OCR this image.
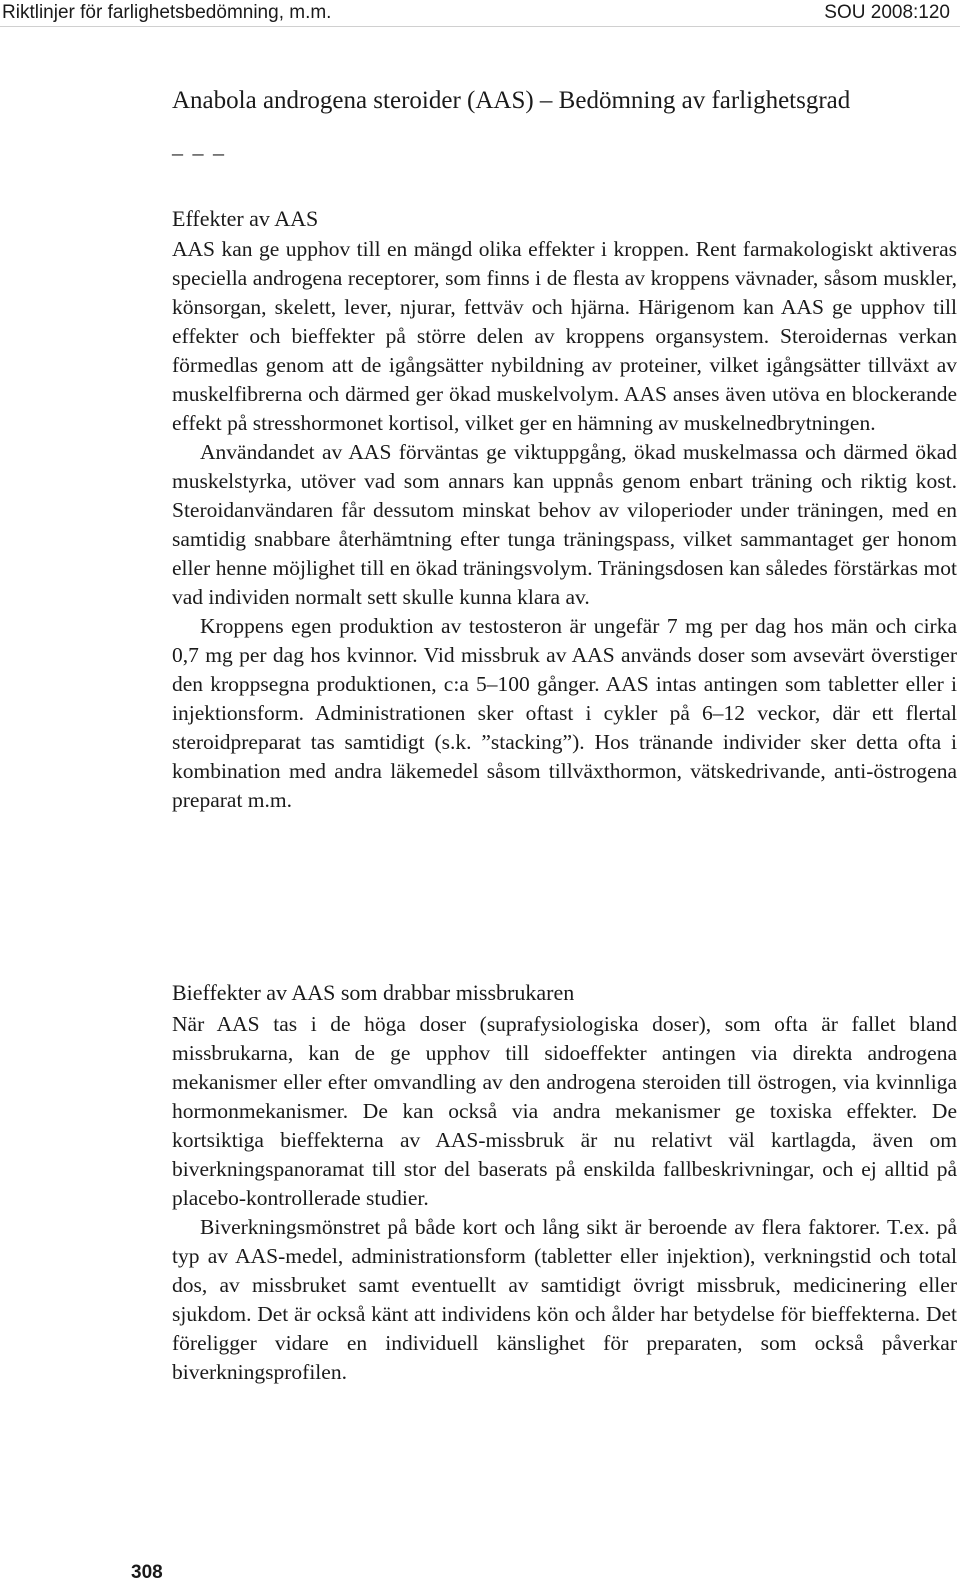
Riktlinjer för farlighetsbedömning, m.m.	SOU 2008:120
Anabola androgena steroider (AAS) – Bedömning av farlighetsgrad
– – –
Effekter av AAS

AAS kan ge upphov till en mängd olika effekter i kroppen. Rent farmakologiskt aktiveras speciella androgena receptorer, som finns i de flesta av kroppens vävnader, såsom muskler, könsorgan, skelett, lever, njurar, fettväv och hjärna. Härigenom kan AAS ge upphov till effekter och bieffekter på större delen av kroppens organsystem. Steroidernas verkan förmedlas genom att de igångsätter nybildning av proteiner, vilket igångsätter tillväxt av muskelfibrerna och därmed ger ökad muskelvolym. AAS anses även utöva en blockerande effekt på stresshormonet kortisol, vilket ger en hämning av muskelnedbrytningen.

Användandet av AAS förväntas ge viktuppgång, ökad muskelmassa och därmed ökad muskelstyrka, utöver vad som annars kan uppnås genom enbart träning och riktig kost. Steroidanvändaren får dessutom minskat behov av viloperioder under träningen, med en samtidig snabbare återhämtning efter tunga träningspass, vilket sammantaget ger honom eller henne möjlighet till en ökad träningsvolym. Träningsdosen kan således förstärkas mot vad individen normalt sett skulle kunna klara av.

Kroppens egen produktion av testosteron är ungefär 7 mg per dag hos män och cirka 0,7 mg per dag hos kvinnor. Vid missbruk av AAS används doser som avsevärt överstiger den kroppsegna produktionen, c:a 5–100 gånger. AAS intas antingen som tabletter eller i injektionsform. Administrationen sker oftast i cykler på 6–12 veckor, där ett flertal steroidpreparat tas samtidigt (s.k. ”stacking”). Hos tränande individer sker detta ofta i kombination med andra läkemedel såsom tillväxthormon, vätskedrivande, anti-östrogena preparat m.m.

Bieffekter av AAS som drabbar missbrukaren

När AAS tas i de höga doser (suprafysiologiska doser), som ofta är fallet bland missbrukarna, kan de ge upphov till sidoeffekter antingen via direkta androgena mekanismer eller efter omvandling av den androgena steroiden till östrogen, via kvinnliga hormonmekanismer. De kan också via andra mekanismer ge toxiska effekter. De kortsiktiga bieffekterna av AAS-missbruk är nu relativt väl kartlagda, även om biverkningspanoramat till stor del baserats på enskilda fallbeskrivningar, och ej alltid på placebo-kontrollerade studier.

Biverkningsmönstret på både kort och lång sikt är beroende av flera faktorer. T.ex. på typ av AAS-medel, administrationsform (tabletter eller injektion), verkningstid och total dos, av missbruket samt eventuellt av samtidigt övrigt missbruk, medicinering eller sjukdom. Det är också känt att individens kön och ålder har betydelse för bieffekterna. Det föreligger vidare en individuell känslighet för preparaten, som också påverkar biverkningsprofilen.

308
